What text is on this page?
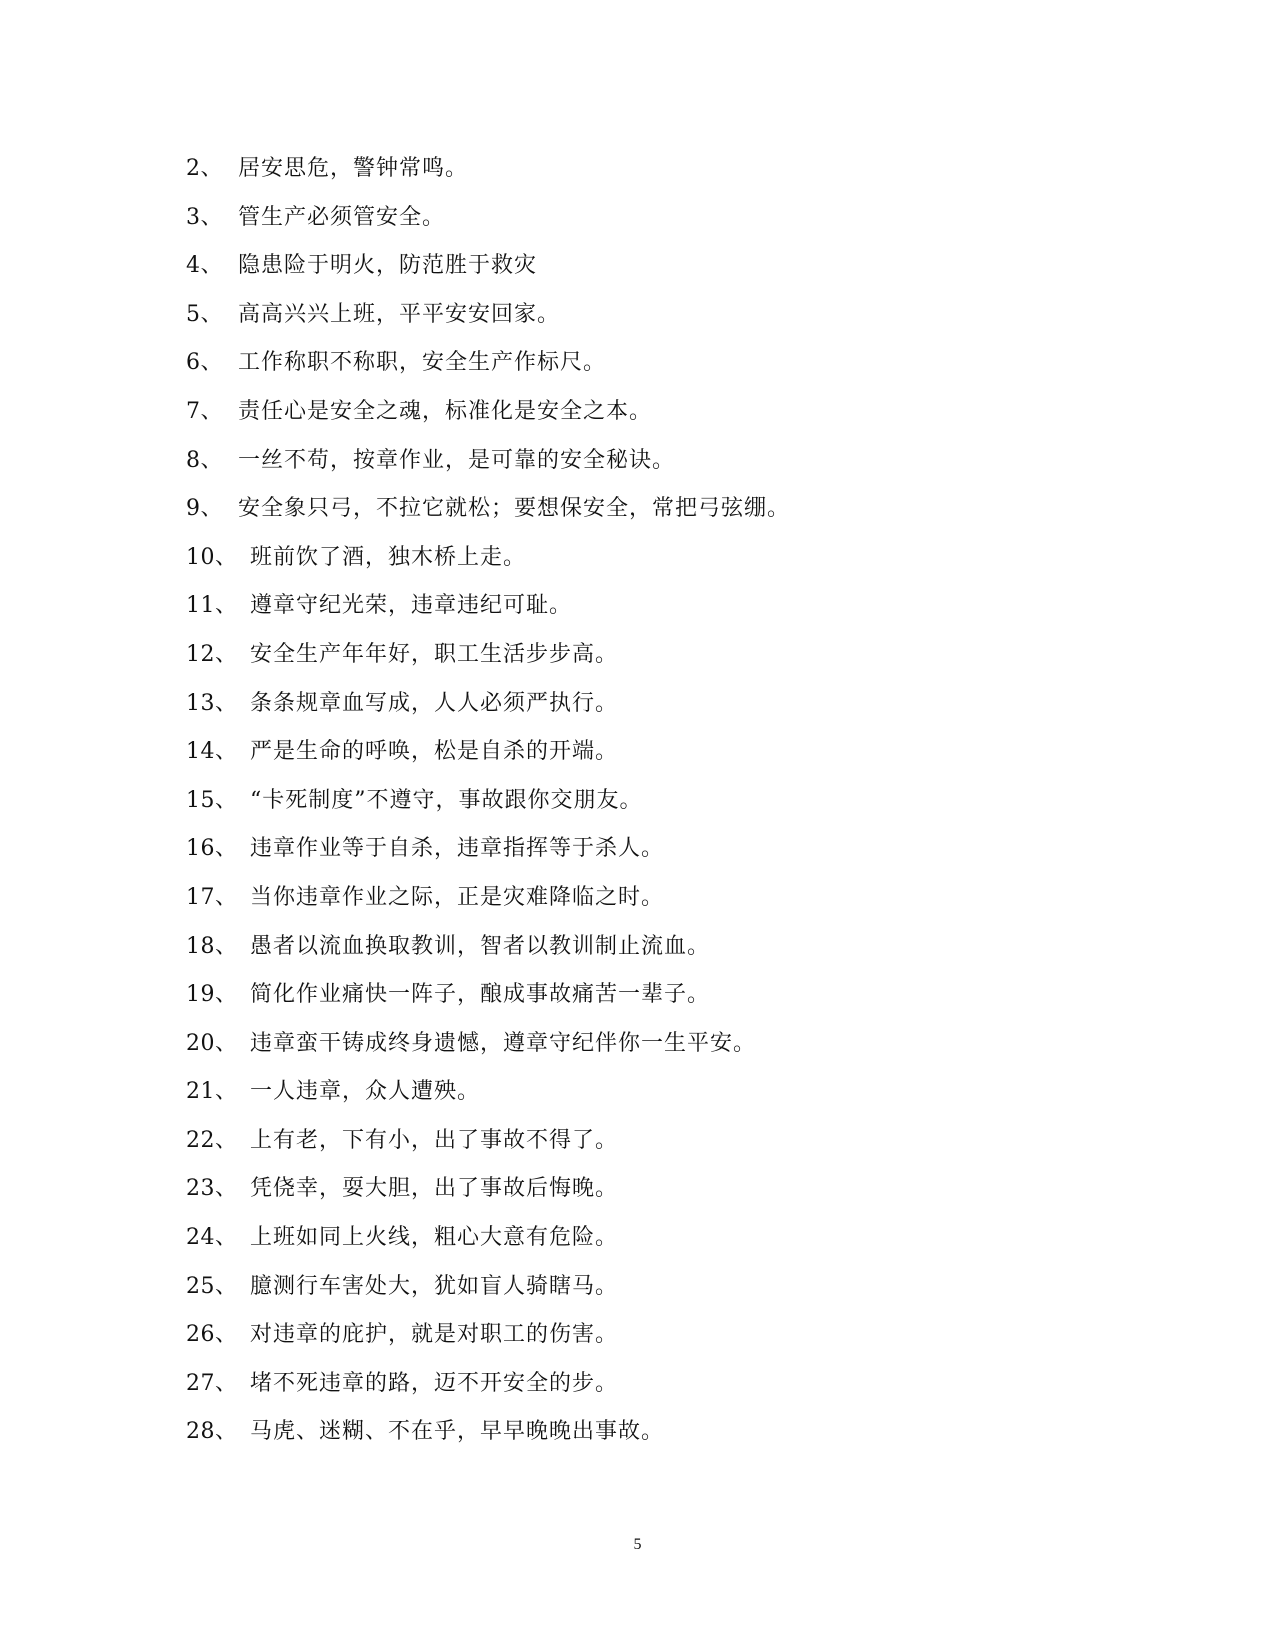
2、 居安思危，警钟常鸣。
3、 管生产必须管安全。
4、 隐患险于明火，防范胜于救灾
5、 高高兴兴上班，平平安安回家。
6、 工作称职不称职，安全生产作标尺。
7、 责任心是安全之魂，标准化是安全之本。
8、 一丝不苟，按章作业，是可靠的安全秘诀。
9、 安全象只弓，不拉它就松；要想保安全，常把弓弦绷。
10、 班前饮了酒，独木桥上走。
11、 遵章守纪光荣，违章违纪可耻。
12、 安全生产年年好，职工生活步步高。
13、 条条规章血写成，人人必须严执行。
14、 严是生命的呼唤，松是自杀的开端。
15、 “卡死制度”不遵守，事故跟你交朋友。
16、 违章作业等于自杀，违章指挥等于杀人。
17、 当你违章作业之际，正是灾难降临之时。
18、 愚者以流血换取教训，智者以教训制止流血。
19、 简化作业痛快一阵子，酿成事故痛苦一辈子。
20、 违章蛮干铸成终身遗憾，遵章守纪伴你一生平安。
21、 一人违章，众人遭殃。
22、 上有老，下有小，出了事故不得了。
23、 凭侥幸，耍大胆，出了事故后悔晚。
24、 上班如同上火线，粗心大意有危险。
25、 臆测行车害处大，犹如盲人骑瞎马。
26、 对违章的庇护，就是对职工的伤害。
27、 堵不死违章的路，迈不开安全的步。
28、 马虎、迷糊、不在乎，早早晚晚出事故。
5
